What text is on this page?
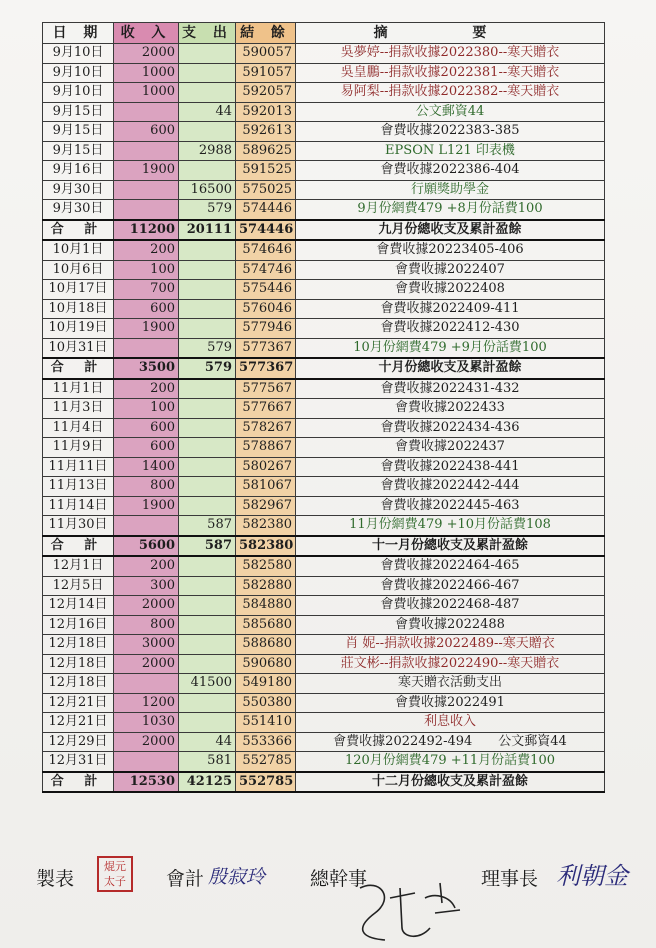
日 期	收 入	支 出	結 餘	摘 要
9月10日	2000		590057	吳夢婷--捐款收據2022380--寒天贈衣
9月10日	1000		591057	吳皇鵬--捐款收據2022381--寒天贈衣
9月10日	1000		592057	易阿梨--捐款收據2022382--寒天贈衣
9月15日		44	592013	公文郵資44
9月15日	600		592613	會費收據2022383-385
9月15日		2988	589625	EPSON L121 印表機
9月16日	1900		591525	會費收據2022386-404
9月30日		16500	575025	行願獎助學金
9月30日		579	574446	9月份網費479 +8月份話費100
合 計	11200	20111	574446	九月份總收支及累計盈餘
10月1日	200		574646	會費收據20223405-406
10月6日	100		574746	會費收據2022407
10月17日	700		575446	會費收據2022408
10月18日	600		576046	會費收據2022409-411
10月19日	1900		577946	會費收據2022412-430
10月31日		579	577367	10月份網費479 +9月份話費100
合 計	3500	579	577367	十月份總收支及累計盈餘
11月1日	200		577567	會費收據2022431-432
11月3日	100		577667	會費收據2022433
11月4日	600		578267	會費收據2022434-436
11月9日	600		578867	會費收據2022437
11月11日	1400		580267	會費收據2022438-441
11月13日	800		581067	會費收據2022442-444
11月14日	1900		582967	會費收據2022445-463
11月30日		587	582380	11月份網費479 +10月份話費108
合 計	5600	587	582380	十一月份總收支及累計盈餘
12月1日	200		582580	會費收據2022464-465
12月5日	300		582880	會費收據2022466-467
12月14日	2000		584880	會費收據2022468-487
12月16日	800		585680	會費收據2022488
12月18日	3000		588680	肖 妮--捐款收據2022489--寒天贈衣
12月18日	2000		590680	莊文彬--捐款收據2022490--寒天贈衣
12月18日		41500	549180	寒天贈衣活動支出
12月21日	1200		550380	會費收據2022491
12月21日	1030		551410	利息收入
12月29日	2000	44	553366	會費收據2022492-494　　公文郵資44
12月31日		581	552785	120月份網費479 +11月份話費100
合 計	12530	42125	552785	十二月份總收支及累計盈餘
製表
焜元太子 會計 殷寂玲 總幹事	理事長 利朝金
